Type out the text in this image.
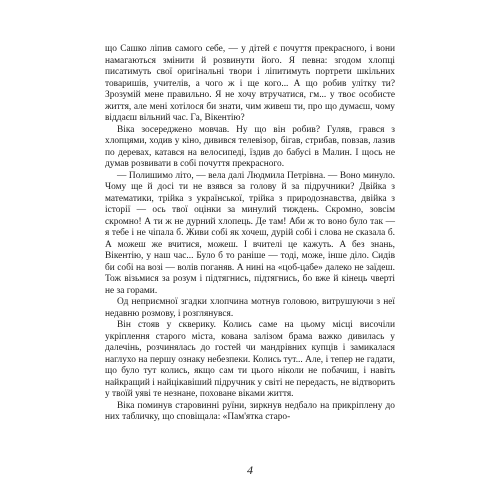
що Сашко ліпив самого себе, — у дітей є почуття прекрасного, і вони намагаються змінити й розвинути його. Я певна: згодом хлопці писатимуть свої оригінальні твори і ліпитимуть портрети шкільних товаришів, учителів, а чого ж і ще кого... А що робив улітку ти? Зрозумій мене правильно. Я не хочу втручатися, гм... у твоє особисте життя, але мені хотілося би знати, чим живеш ти, про що думаєш, чому віддаєш вільний час. Га, Вікентію?

Віка зосереджено мовчав. Ну що він робив? Гуляв, грався з хлопцями, ходив у кіно, дивився телевізор, бігав, стрибав, повзав, лазив по деревах, катався на велосипеді, їздив до бабусі в Малин. І щось не думав розвивати в собі почуття прекрасного.

— Полишимо літо, — вела далі Людмила Петрівна. — Воно минуло. Чому ще й досі ти не взявся за голову й за підручники? Двійка з математики, трійка з української, трійка з природознавства, двійка з історії — ось твої оцінки за минулий тиждень. Скромно, зовсім скромно! А ти ж не дурний хлопець. Де там! Аби ж то воно було так — я тебе і не чіпала б. Живи собі як хочеш, дурій собі і слова не сказала б. А можеш же вчитися, можеш. І вчителі це кажуть. А без знань, Вікентію, у наш час... Було б то раніше — тоді, може, інше діло. Сидів би собі на возі — волів поганяв. А нині на «цоб-цабе» далеко не заїдеш. Тож візьмися за розум і підтягнись, підтягнись, бо вже й кінець чверті не за горами.

Од неприємної згадки хлопчина мотнув головою, витрушуючи з неї недавню розмову, і розглянувся.

Він стояв у скверику. Колись саме на цьому місці височіли укріплення старого міста, кована залізом брама важко дивилась у далечінь, розчинялась до гостей чи мандрівних купців і замикалася наглухо на першу ознаку небезпеки. Колись тут... Але, і тепер не гадати, що було тут колись, якщо сам ти цього ніколи не побачиш, і навіть найкращий і найцікавіший підручник у світі не передасть, не відтворить у твоїй уяві те незнане, поховане віками життя.

Віка поминув старовинні руїни, зиркнув недбало на прикріплену до них табличку, що сповіщала: «Пам'ятка старо-

4
